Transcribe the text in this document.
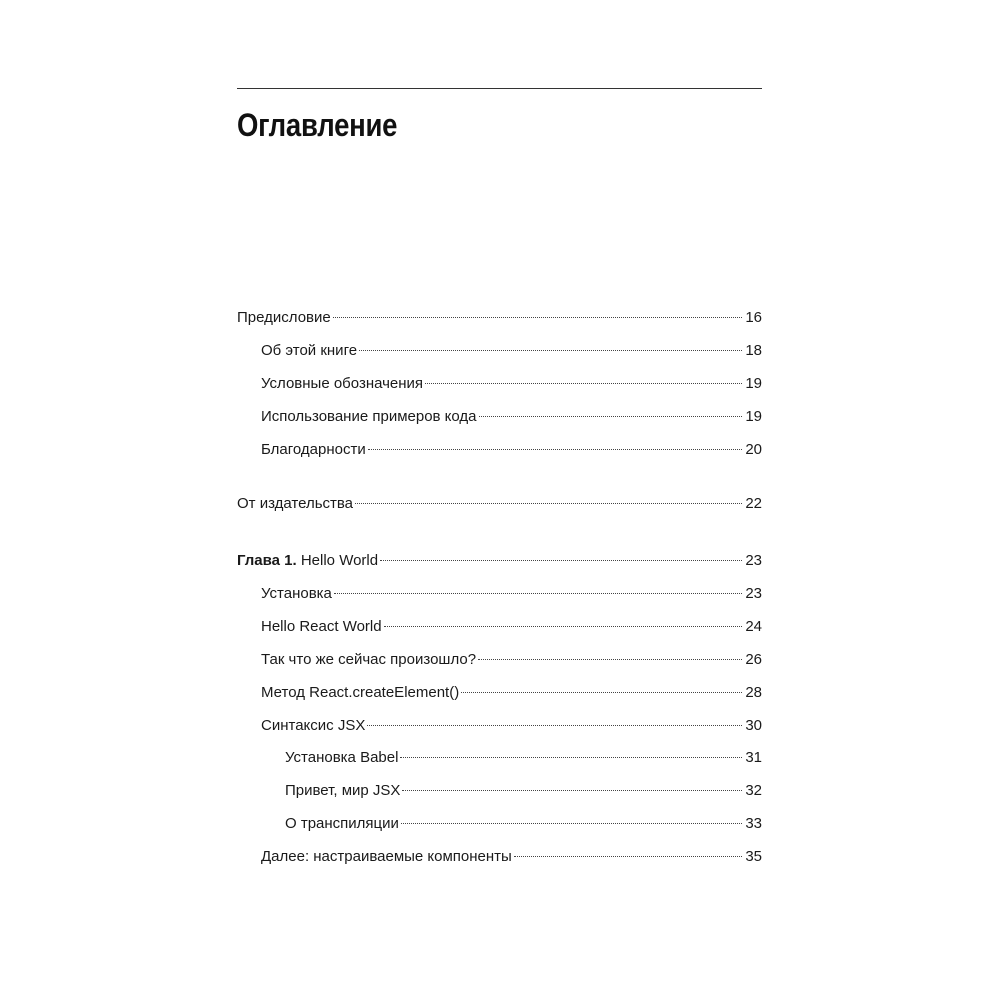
Оглавление
Предисловие	16
Об этой книге	18
Условные обозначения	19
Использование примеров кода	19
Благодарности	20
От издательства	22
Глава 1. Hello World	23
Установка	23
Hello React World	24
Так что же сейчас произошло?	26
Метод React.createElement()	28
Синтаксис JSX	30
Установка Babel	31
Привет, мир JSX	32
О транспиляции	33
Далее: настраиваемые компоненты	35
